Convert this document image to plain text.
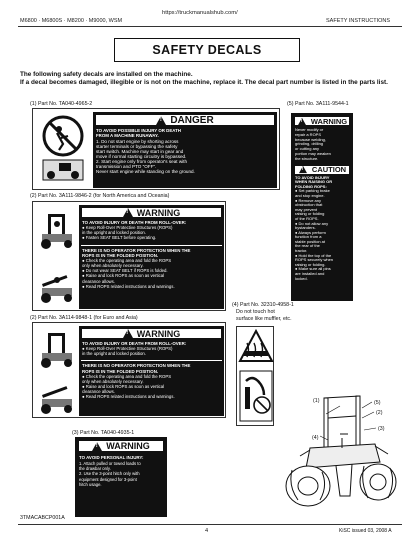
M6800 · M6800S · M8200 · M9000, WSM
https://truckmanualshub.com/
SAFETY INSTRUCTIONS
SAFETY DECALS
The following safety decals are installed on the machine.
If a decal becomes damaged, illegible or is not on the machine, replace it. The decal part number is listed in the parts list.
(1) Part No. TA040-4965-2
!
DANGER
TO AVOID POSSIBLE INJURY OR DEATH
FROM A MACHINE RUNAWAY.
1. Do not start engine by shorting across
starter terminals or bypassing the safety
start switch. Machine may start in gear and
move if normal starting circuitry is bypassed.
2. Start engine only from operator's seat with
transmission and PTO "OFF".
Never start engine while standing on the ground.
(2) Part No. 3A111-9846-2 (for North America and Oceania)
!
WARNING
TO AVOID INJURY OR DEATH FROM ROLL-OVER:
● Keep Roll-Over Protective Structures (ROPS)
in the upright and locked position.
● Fasten SEAT BELT before operating.
THERE IS NO OPERATOR PROTECTION WHEN THE
ROPS IS IN THE FOLDED POSITION.
● Check the operating area and fold the ROPS
only when absolutely necessary.
● Do not wear SEAT BELT if ROPS is folded.
● Raise and lock ROPS as soon as vertical
clearance allows.
● Read ROPS related instructions and warnings.
(2) Part No. 3A114-9848-1 (for Euro and Asia)
!
WARNING
TO AVOID INJURY OR DEATH FROM ROLL-OVER:
● Keep Roll-Over Protective Structures (ROPS)
in the upright and locked position.
THERE IS NO OPERATOR PROTECTION WHEN THE
ROPS IS IN THE FOLDED POSITION.
● Check the operating area and fold the ROPS
only when absolutely necessary.
● Raise and lock ROPS as soon as vertical
clearance allows.
● Read ROPS related instructions and warnings.
(5) Part No. 3A111-9544-1
!
WARNING
Never modify or
repair a ROPS
because welding,
grinding, drilling
or cutting any
portion may weaken
the structure.
!
CAUTION
TO AVOID INJURY
WHEN RAISING OR
FOLDING ROPS:
● Set parking brake
and stop engine.
● Remove any
obstruction that
may prevent
raising or folding
of the ROPS.
● Do not allow any
bystanders.
● Always perform
function from a
stable position at
the rear of the
tractor.
● Hold the top of the
ROPS securely when
raising or folding.
● Make sure all pins
are installed and
locked.
(4) Part No. 32310-4958-1
Do not touch hot
surface like muffler, etc.
(3) Part No. TA040-4935-1
!
WARNING
TO AVOID PERSONAL INJURY:
1. Attach pulled or towed loads to
the drawbar only.
2. Use the 3-point hitch only with
equipment designed for 3-point
hitch usage.
(1)	(5)
(2)
(3)
(4)
3TMACABCP001A
4	KiSC issued 03, 2008 A
